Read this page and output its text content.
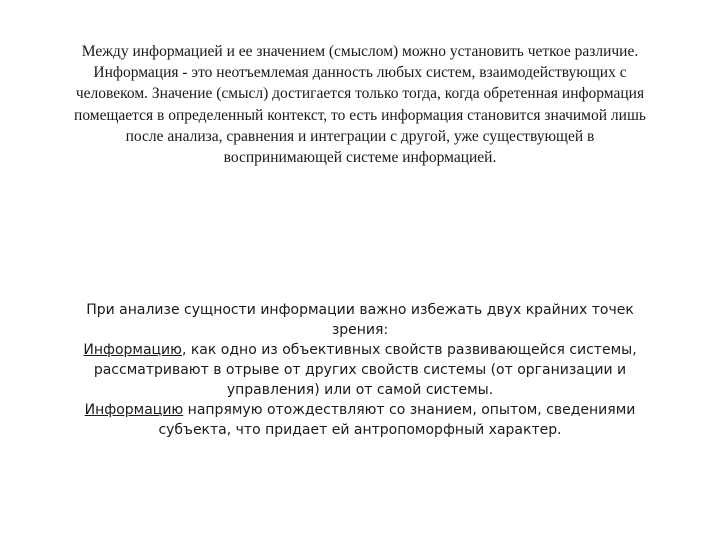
Между информацией и ее значением (смыслом) можно установить четкое различие. Информация - это неотъемлемая данность любых систем, взаимодействующих с человеком. Значение (смысл) достигается только тогда, когда обретенная информация помещается в определенный контекст, то есть информация становится значимой лишь после анализа, сравнения и интеграции с другой, уже существующей в воспринимающей системе информацией.

При анализе сущности информации важно избежать двух крайних точек зрения:
Информацию, как одно из объективных свойств развивающейся системы, рассматривают в отрыве от других свойств системы (от организации и управления) или от самой системы.
Информацию напрямую отождествляют со знанием, опытом, сведениями субъекта, что придает ей антропоморфный характер.
